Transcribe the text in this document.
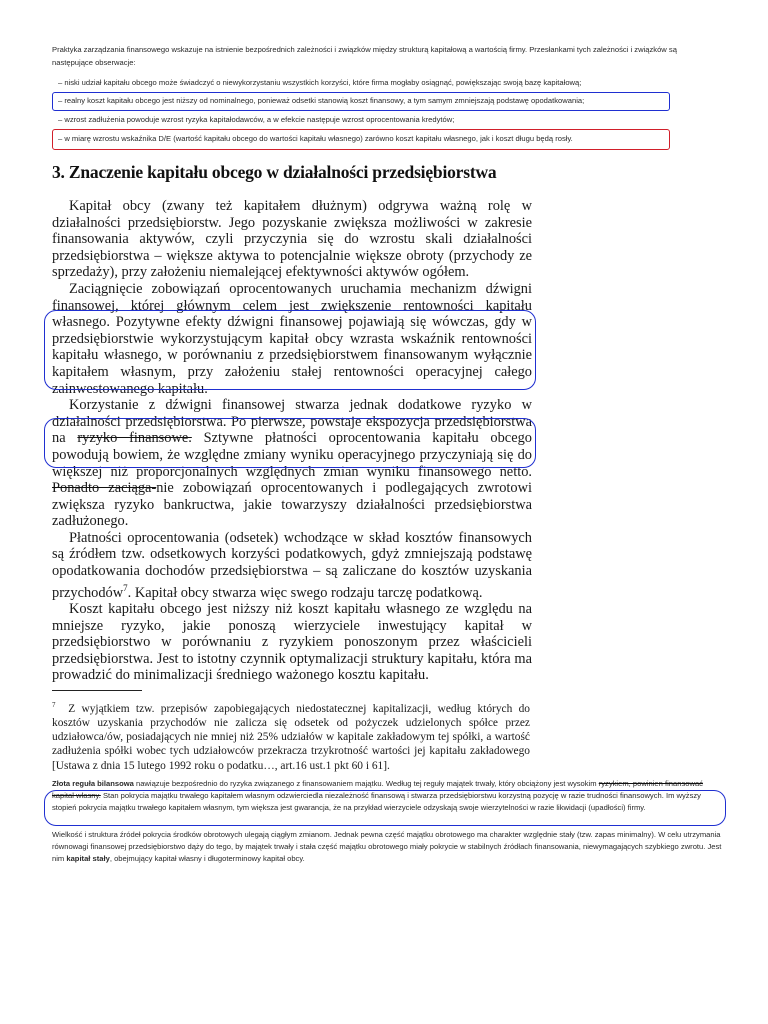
Praktyka zarządzania finansowego wskazuje na istnienie bezpośrednich zależności i związków między strukturą kapitałową a wartością firmy. Przesłankami tych zależności i związków są następujące obserwacje:
– niski udział kapitału obcego może świadczyć o niewykorzystaniu wszystkich korzyści, które firma mogłaby osiągnąć, powiększając swoją bazę kapitałową;
– realny koszt kapitału obcego jest niższy od nominalnego, ponieważ odsetki stanowią koszt finansowy, a tym samym zmniejszają podstawę opodatkowania;
– wzrost zadłużenia powoduje wzrost ryzyka kapitałodawców, a w efekcie następuje wzrost oprocentowania kredytów;
– w miarę wzrostu wskaźnika D/E (wartość kapitału obcego do wartości kapitału własnego) zarówno koszt kapitału własnego, jak i koszt długu będą rosły.
3. Znaczenie kapitału obcego w działalności przedsiębiorstwa

Kapitał obcy (zwany też kapitałem dłużnym) odgrywa ważną rolę w działalności przedsiębiorstw. Jego pozyskanie zwiększa możliwości w zakresie finansowania aktywów, czyli przyczynia się do wzrostu skali działalności przedsiębiorstwa – większe aktywa to potencjalnie większe obroty (przychody ze sprzedaży), przy założeniu niemalejącej efektywności aktywów ogółem.

Zaciągnięcie zobowiązań oprocentowanych uruchamia mechanizm dźwigni finansowej, której głównym celem jest zwiększenie rentowności kapitału własnego. Pozytywne efekty dźwigni finansowej pojawiają się wówczas, gdy w przedsiębiorstwie wykorzystującym kapitał obcy wzrasta wskaźnik rentowności kapitału własnego, w porównaniu z przedsiębiorstwem finansowanym wyłącznie kapitałem własnym, przy założeniu stałej rentowności operacyjnej całego zainwestowanego kapitału.

Korzystanie z dźwigni finansowej stwarza jednak dodatkowe ryzyko w działalności przedsiębiorstwa. Po pierwsze, powstaje ekspozycja przedsiębiorstwa na ryzyko finansowe. Sztywne płatności oprocentowania kapitału obcego powodują bowiem, że względne zmiany wyniku operacyjnego przyczyniają się do większej niż proporcjonalnych względnych zmian wyniku finansowego netto. Ponadto zaciąga-nie zobowiązań oprocentowanych i podlegających zwrotowi zwiększa ryzyko bankructwa, jakie towarzyszy działalności przedsiębiorstwa zadłużonego.

Płatności oprocentowania (odsetek) wchodzące w skład kosztów finansowych są źródłem tzw. odsetkowych korzyści podatkowych, gdyż zmniejszają podstawę opodatkowania dochodów przedsiębiorstwa – są zaliczane do kosztów uzyskania przychodów$^7$. Kapitał obcy stwarza więc swego rodzaju tarczę podatkową.

Koszt kapitału obcego jest niższy niż koszt kapitału własnego ze względu na mniejsze ryzyko, jakie ponoszą wierzyciele inwestujący kapitał w przedsiębiorstwo w porównaniu z ryzykiem ponoszonym przez właścicieli przedsiębiorstwa. Jest to istotny czynnik optymalizacji struktury kapitału, która ma prowadzić do minimalizacji średniego ważonego kosztu kapitału.

$^7$ Z wyjątkiem tzw. przepisów zapobiegających niedostatecznej kapitalizacji, według których do kosztów uzyskania przychodów nie zalicza się odsetek od pożyczek udzielonych spółce przez udziałowca/ów, posiadających nie mniej niż 25% udziałów w kapitale zakładowym tej spółki, a wartość zadłużenia spółki wobec tych udziałowców przekracza trzykrotność wartości jej kapitału zakładowego [Ustawa z dnia 15 lutego 1992 roku o podatku…, art.16 ust.1 pkt 60 i 61].

Złota reguła bilansowa nawiązuje bezpośrednio do ryzyka związanego z finansowaniem majątku. Według tej reguły majątek trwały, który obciążony jest wysokim ryzykiem, powinien finansować kapitał własny. Stan pokrycia majątku trwałego kapitałem własnym odzwierciedla niezależność finansową i stwarza przedsiębiorstwu korzystną pozycję w razie trudności finansowych. Im wyższy stopień pokrycia majątku trwałego kapitałem własnym, tym większa jest gwarancja, że na przykład wierzyciele odzyskają swoje wierzytelności w razie likwidacji (upadłości) firmy.

Wielkość i struktura źródeł pokrycia środków obrotowych ulegają ciągłym zmianom. Jednak pewna część majątku obrotowego ma charakter względnie stały (tzw. zapas minimalny). W celu utrzymania równowagi finansowej przedsiębiorstwo dąży do tego, by majątek trwały i stała część majątku obrotowego miały pokrycie w stabilnych źródłach finansowania, niewymagających szybkiego zwrotu. Jest nim kapitał stały, obejmujący kapitał własny i długoterminowy kapitał obcy.
